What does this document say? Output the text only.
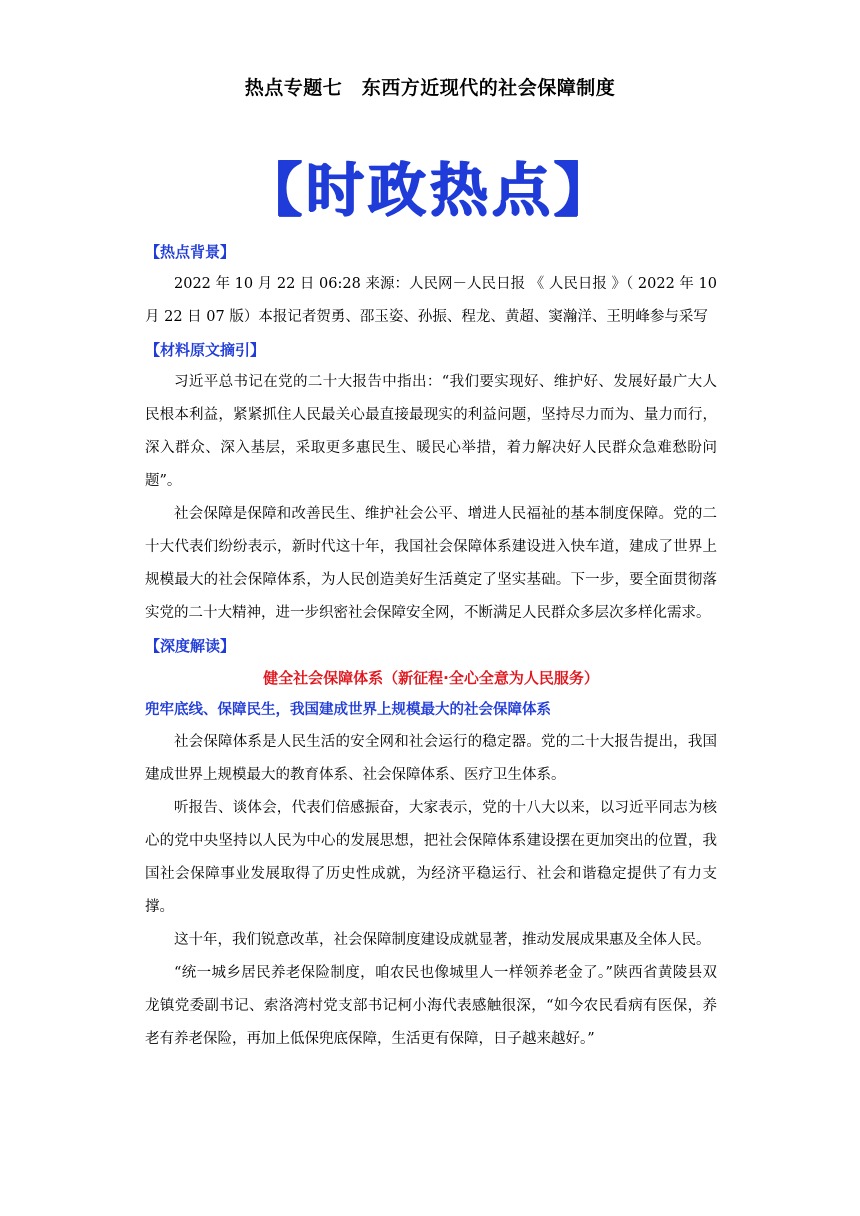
热点专题七　东西方近现代的社会保障制度
【时政热点】
【热点背景】

2022 年 10 月 22 日 06:28 来源：人民网－人民日报 《 人民日报 》（ 2022 年 10 月 22 日 07 版）本报记者贺勇、邵玉姿、孙振、程龙、黄超、窦瀚洋、王明峰参与采写

【材料原文摘引】

习近平总书记在党的二十大报告中指出：“我们要实现好、维护好、发展好最广大人民根本利益，紧紧抓住人民最关心最直接最现实的利益问题，坚持尽力而为、量力而行，深入群众、深入基层，采取更多惠民生、暖民心举措，着力解决好人民群众急难愁盼问题”。

社会保障是保障和改善民生、维护社会公平、增进人民福祉的基本制度保障。党的二十大代表们纷纷表示，新时代这十年，我国社会保障体系建设进入快车道，建成了世界上规模最大的社会保障体系，为人民创造美好生活奠定了坚实基础。下一步，要全面贯彻落实党的二十大精神，进一步织密社会保障安全网，不断满足人民群众多层次多样化需求。

【深度解读】
健全社会保障体系（新征程·全心全意为人民服务）
兜牢底线、保障民生，我国建成世界上规模最大的社会保障体系

社会保障体系是人民生活的安全网和社会运行的稳定器。党的二十大报告提出，我国建成世界上规模最大的教育体系、社会保障体系、医疗卫生体系。

听报告、谈体会，代表们倍感振奋，大家表示，党的十八大以来，以习近平同志为核心的党中央坚持以人民为中心的发展思想，把社会保障体系建设摆在更加突出的位置，我国社会保障事业发展取得了历史性成就，为经济平稳运行、社会和谐稳定提供了有力支撑。

这十年，我们锐意改革，社会保障制度建设成就显著，推动发展成果惠及全体人民。

“统一城乡居民养老保险制度，咱农民也像城里人一样领养老金了。”陕西省黄陵县双龙镇党委副书记、索洛湾村党支部书记柯小海代表感触很深，“如今农民看病有医保，养老有养老保险，再加上低保兜底保障，生活更有保障，日子越来越好。”
